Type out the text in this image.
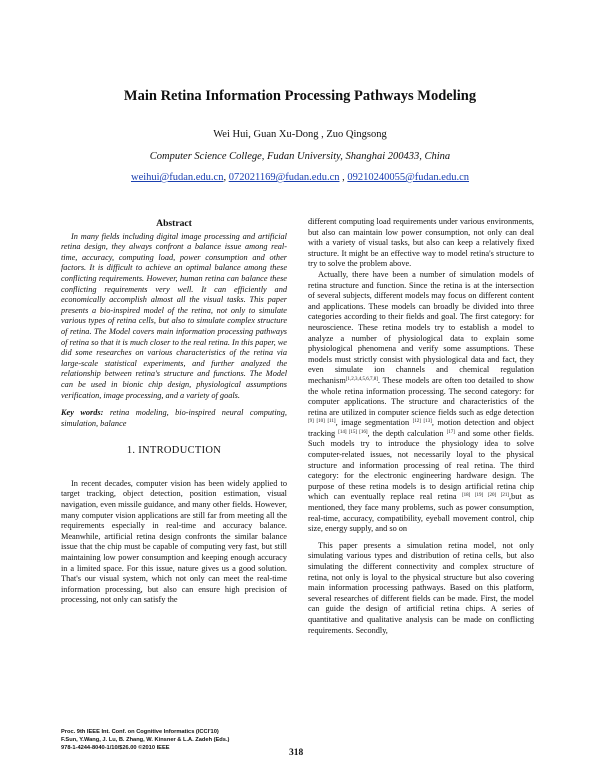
Main Retina Information Processing Pathways Modeling
Wei Hui, Guan Xu-Dong , Zuo Qingsong
Computer Science College, Fudan University, Shanghai 200433, China
weihui@fudan.edu.cn, 072021169@fudan.edu.cn , 09210240055@fudan.edu.cn

Abstract

In many fields including digital image processing and artificial retina design, they always confront a balance issue among real-time, accuracy, computing load, power consumption and other factors. It is difficult to achieve an optimal balance among these conflicting requirements. However, human retina can balance these conflicting requirements very well. It can efficiently and economically accomplish almost all the visual tasks. This paper presents a bio-inspired model of the retina, not only to simulate various types of retina cells, but also to simulate complex structure of retina. The Model covers main information processing pathways of retina so that it is much closer to the real retina. In this paper, we did some researches on various characteristics of the retina via large-scale statistical experiments, and further analyzed the relationship between retina's structure and functions. The Model can be used in bionic chip design, physiological assumptions verification, image processing, and a variety of goals.

Key words: retina modeling, bio-inspired neural computing, simulation, balance

1. INTRODUCTION

In recent decades, computer vision has been widely applied to target tracking, object detection, position estimation, visual navigation, even missile guidance, and many other fields. However, many computer vision applications are still far from meeting all the requirements especially in real-time and accuracy balance. Meanwhile, artificial retina design confronts the similar balance issue that the chip must be capable of computing very fast, but still maintaining low power consumption and keeping enough accuracy in a limited space. For this issue, nature gives us a good solution. That's our visual system, which not only can meet the real-time information processing, but also can ensure high precision of processing, not only can satisfy the

different computing load requirements under various environments, but also can maintain low power consumption, not only can deal with a variety of visual tasks, but also can keep a relatively fixed structure. It might be an effective way to model retina's structure to try to solve the problem above.

Actually, there have been a number of simulation models of retina structure and function. Since the retina is at the intersection of several subjects, different models may focus on different content and applications. These models can broadly be divided into three categories according to their fields and goal. The first category: for neuroscience. These retina models try to establish a model to analyze a number of physiological data to explain some physiological phenomena and verify some assumptions. These models must strictly consist with physiological data and fact, they even simulate ion channels and chemical regulation mechanism[1,2,3,4,5,6,7,8]. These models are often too detailed to show the whole retina information processing. The second category: for computer applications. The structure and characteristics of the retina are utilized in computer science fields such as edge detection [9] [10] [11], image segmentation [12] [13], motion detection and object tracking [14] [15] [16], the depth calculation [17] and some other fields. Such models try to introduce the physiology idea to solve computer-related issues, not necessarily loyal to the physical structure and information processing of real retina. The third category: for the electronic engineering hardware design. The purpose of these retina models is to design artificial retina chip which can eventually replace real retina [18] [19] [20] [21],but as mentioned, they face many problems, such as power consumption, real-time, accuracy, compatibility, eyeball movement control, chip size, energy supply, and so on

This paper presents a simulation retina model, not only simulating various types and distribution of retina cells, but also simulating the different connectivity and complex structure of retina, not only is loyal to the physical structure but also covering main information processing pathways. Based on this platform, several researches of different fields can be made. First, the model can guide the design of artificial retina chips. A series of quantitative and qualitative analysis can be made on conflicting requirements. Secondly,

Proc. 9th IEEE Int. Conf. on Cognitive Informatics (ICCI'10)
F.Sun, Y.Wang, J. Lu, B. Zhang, W. Kinsner & L.A. Zadeh (Eds.)
978-1-4244-8040-1/10/$26.00 ©2010 IEEE	318
